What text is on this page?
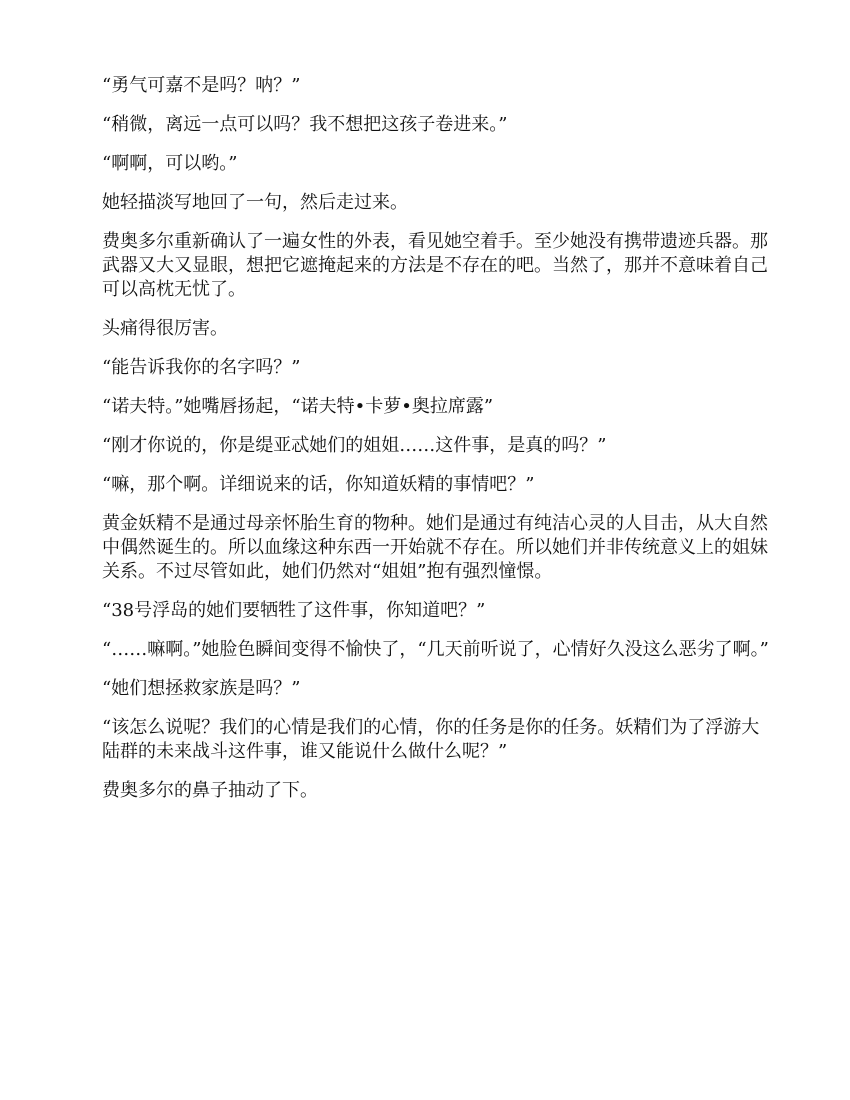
“勇气可嘉不是吗？呐？”

“稍微，离远一点可以吗？我不想把这孩子卷进来。”

“啊啊，可以哟。”

她轻描淡写地回了一句，然后走过来。

费奥多尔重新确认了一遍女性的外表，看见她空着手。至少她没有携带遗迹兵器。那武器又大又显眼，想把它遮掩起来的方法是不存在的吧。当然了，那并不意味着自己可以高枕无忧了。

头痛得很厉害。

“能告诉我你的名字吗？”

“诺夫特。”她嘴唇扬起，“诺夫特•卡萝•奥拉席露”

“刚才你说的，你是缇亚忒她们的姐姐……这件事，是真的吗？”

“嘛，那个啊。详细说来的话，你知道妖精的事情吧？”

黄金妖精不是通过母亲怀胎生育的物种。她们是通过有纯洁心灵的人目击，从大自然中偶然诞生的。所以血缘这种东西一开始就不存在。所以她们并非传统意义上的姐妹关系。不过尽管如此，她们仍然对“姐姐”抱有强烈憧憬。

“38号浮岛的她们要牺牲了这件事，你知道吧？”

“……嘛啊。”她脸色瞬间变得不愉快了，“几天前听说了，心情好久没这么恶劣了啊。”

“她们想拯救家族是吗？”

“该怎么说呢？我们的心情是我们的心情，你的任务是你的任务。妖精们为了浮游大陆群的未来战斗这件事，谁又能说什么做什么呢？”

费奥多尔的鼻子抽动了下。
